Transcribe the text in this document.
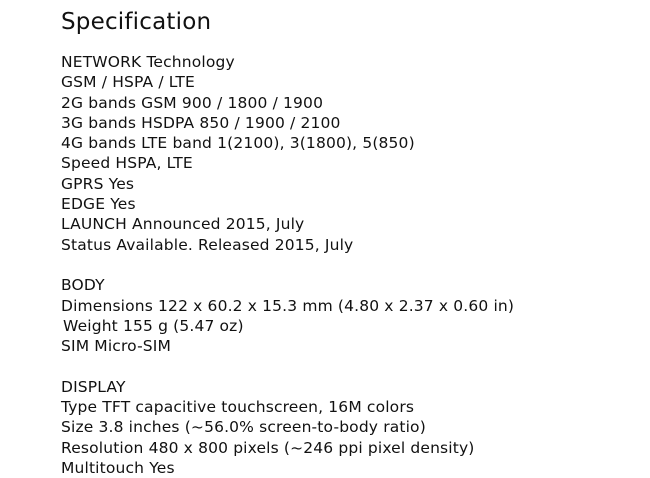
Specification
NETWORK Technology
GSM / HSPA / LTE
2G bands GSM 900 / 1800 / 1900
3G bands HSDPA 850 / 1900 / 2100
4G bands LTE band 1(2100), 3(1800), 5(850)
Speed HSPA, LTE
GPRS Yes
EDGE Yes
LAUNCH Announced 2015, July
Status Available. Released 2015, July
BODY
Dimensions 122 x 60.2 x 15.3 mm (4.80 x 2.37 x 0.60 in)
Weight 155 g (5.47 oz)
SIM Micro-SIM
DISPLAY
Type TFT capacitive touchscreen, 16M colors
Size 3.8 inches (~56.0% screen-to-body ratio)
Resolution 480 x 800 pixels (~246 ppi pixel density)
Multitouch Yes
